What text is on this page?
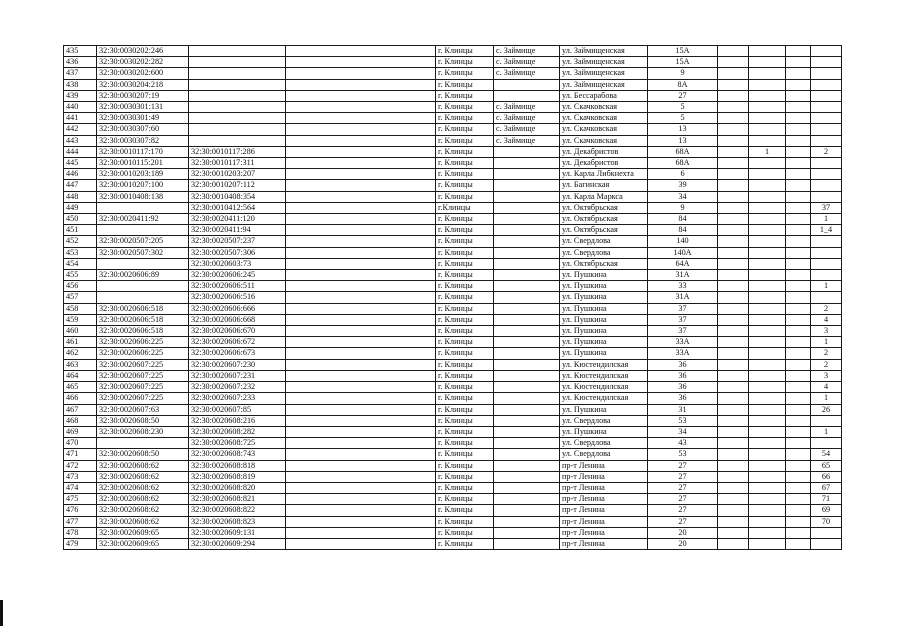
435	32:30:0030202:246			г. Клинцы	с. Займище	ул. Займищенская	15А				
436	32:30:0030202:282			г. Клинцы	с. Займище	ул. Займищенская	15А				
437	32:30:0030202:600			г. Клинцы	с. Займище	ул. Займищенская	9				
438	32:30:0030204:218			г. Клинцы		ул. Займищенская	8А				
439	32:30:0030207:19			г. Клинцы		ул. Бессарабова	27				
440	32:30:0030301:131			г. Клинцы	с. Займище	ул. Скачковская	5				
441	32:30:0030301:49			г. Клинцы	с. Займище	ул. Скачковская	5				
442	32:30:0030307:60			г. Клинцы	с. Займище	ул. Скачковская	13				
443	32:30:0030307:82			г. Клинцы	с. Займище	ул. Скачковская	13				
444	32:30:0010117:170	32:30:0010117:286		г. Клинцы		ул. Декабристов	68А		1		2
445	32:30:0010115:201	32:30:0010117:311		г. Клинцы		ул. Декабристов	68А				
446	32:30:0010203:189	32:30:0010203:207		г. Клинцы		ул. Карла Либкнехта	6				
447	32:30:0010207:100	32:30:0010207:112		г. Клинцы		ул. Багинская	39				
448	32:30:0010408:138	32:30:0010408:354		г. Клинцы		ул. Карла Маркса	34				
449		32:30:0010412:564		г.Клинцы		ул. Октябрьская	9				37
450	32:30:0020411:92	32:30:0020411:120		г. Клинцы		ул. Октябрьская	84				1
451		32:30:0020411:94		г. Клинцы		ул. Октябрьская	84				1_4
452	32:30:0020507:205	32:30:0020507:237		г. Клинцы		ул. Свердлова	140				
453	32:30:0020507:302	32:30:0020507:306		г. Клинцы		ул. Свердлова	140А				
454		32:30:0020603:73		г. Клинцы		ул. Октябрьская	64А				
455	32:30:0020606:89	32:30:0020606:245		г. Клинцы		ул. Пушкина	31А				
456		32:30:0020606:511		г. Клинцы		ул. Пушкина	33				1
457		32:30:0020606:516		г. Клинцы		ул. Пушкина	31А				
458	32:30:0020606:518	32:30:0020606:666		г. Клинцы		ул. Пушкина	37				2
459	32:30:0020606:518	32:30:0020606:668		г. Клинцы		ул. Пушкина	37				4
460	32:30:0020606:518	32:30:0020606:670		г. Клинцы		ул. Пушкина	37				3
461	32:30:0020606:225	32:30:0020606:672		г. Клинцы		ул. Пушкина	33А				1
462	32:30:0020606:225	32:30:0020606:673		г. Клинцы		ул. Пушкина	33А				2
463	32:30:0020607:225	32:30:0020607:230		г. Клинцы		ул. Кюстендилская	36				2
464	32:30:0020607:225	32:30:0020607:231		г. Клинцы		ул. Кюстендилская	36				3
465	32:30:0020607:225	32:30:0020607:232		г. Клинцы		ул. Кюстендилская	36				4
466	32:30:0020607:225	32:30:0020607:233		г. Клинцы		ул. Кюстендилская	36				1
467	32:30:0020607:63	32:30:0020607:85		г. Клинцы		ул. Пушкина	31				26
468	32:30:0020608:50	32:30:0020608:216		г. Клинцы		ул. Свердлова	53				
469	32:30:0020608:230	32:30:0020608:282		г. Клинцы		ул. Пушкина	34				1
470		32:30:0020608:725		г. Клинцы		ул. Свердлова	43				
471	32:30:0020608:50	32:30:0020608:743		г. Клинцы		ул. Свердлова	53				54
472	32:30:0020608:62	32:30:0020608:818		г. Клинцы		пр-т Ленина	27				65
473	32:30:0020608:62	32:30:0020608:819		г. Клинцы		пр-т Ленина	27				66
474	32:30:0020608:62	32:30:0020608:820		г. Клинцы		пр-т Ленина	27				67
475	32:30:0020608:62	32:30:0020608:821		г. Клинцы		пр-т Ленина	27				71
476	32:30:0020608:62	32:30:0020608:822		г. Клинцы		пр-т Ленина	27				69
477	32:30:0020608:62	32:30:0020608:823		г. Клинцы		пр-т Ленина	27				70
478	32:30:0020609:65	32:30:0020609:131		г. Клинцы		пр-т Ленина	20				
479	32:30:0020609:65	32:30:0020609:294		г. Клинцы		пр-т Ленина	20				
